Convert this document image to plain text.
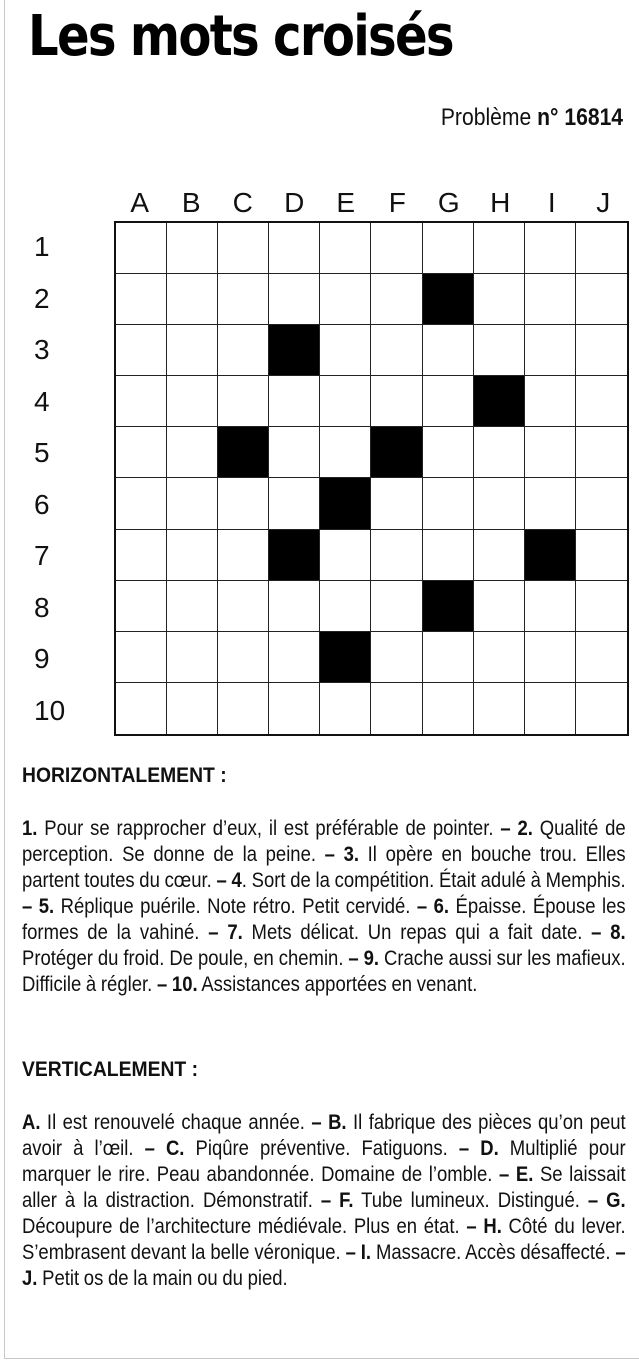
Les mots croisés
Problème n° 16814
A	B	C	D	E	F	G	H	I	J
1
2
3
4
5
6
7
8
9
10
HORIZONTALEMENT :
1. Pour se rapprocher d’eux, il est préférable de pointer. – 2. Qualité de perception. Se donne de la peine. – 3. Il opère en bouche trou. Elles partent toutes du cœur. – 4. Sort de la compétition. Était adulé à Memphis. – 5. Réplique puérile. Note rétro. Petit cervidé. – 6. Épaisse. Épouse les formes de la vahiné. – 7. Mets délicat. Un repas qui a fait date. – 8. Protéger du froid. De poule, en chemin. – 9. Crache aussi sur les mafieux. Difficile à régler. – 10. Assistances apportées en venant.
VERTICALEMENT :
A. Il est renouvelé chaque année. – B. Il fabrique des pièces qu’on peut avoir à l’œil. – C. Piqûre préventive. Fatiguons. – D. Multiplié pour marquer le rire. Peau abandonnée. Domaine de l’omble. – E. Se laissait aller à la distraction. Démonstratif. – F. Tube lumineux. Distingué. – G. Découpure de l’architecture médiévale. Plus en état. – H. Côté du lever. S’embrasent devant la belle véronique. – I. Massacre. Accès désaffecté. – J. Petit os de la main ou du pied.
